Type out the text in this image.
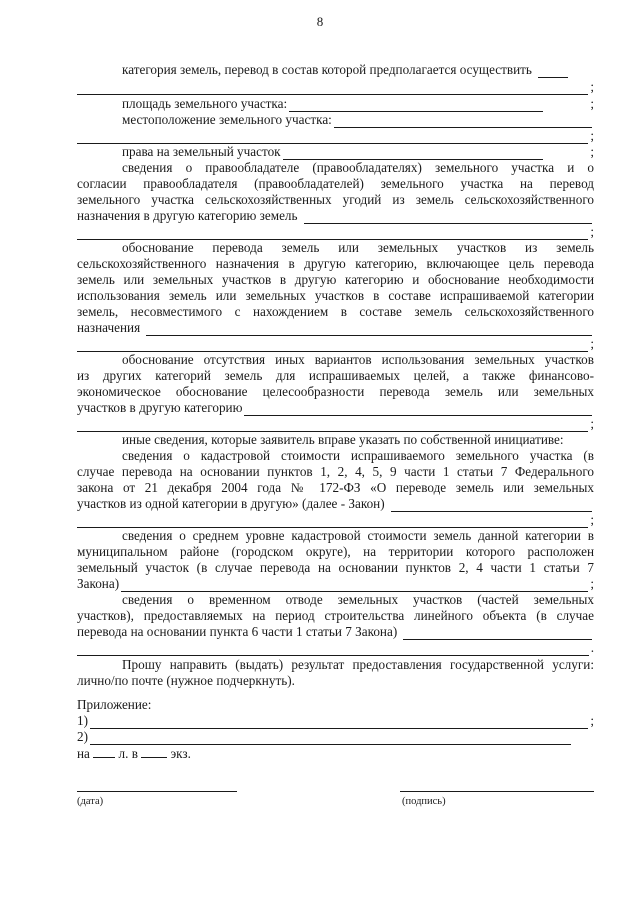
8
категория земель, перевод в состав которой предполагается осуществить
;
площадь земельного участка:	;
местоположение земельного участка:
;
права на земельный участок	;
сведения о правообладателе (правообладателях) земельного участка и о
согласии правообладателя (правообладателей) земельного участка на перевод
земельного участка сельскохозяйственных угодий из земель сельскохозяйственного
назначения в другую категорию земель
;
обоснование перевода земель или земельных участков из земель
сельскохозяйственного назначения в другую категорию, включающее цель перевода
земель или земельных участков в другую категорию и обоснование необходимости
использования земель или земельных участков в составе испрашиваемой категории
земель, несовместимого с нахождением в составе земель сельскохозяйственного
назначения
;
обоснование отсутствия иных вариантов использования земельных участков
из других категорий земель для испрашиваемых целей, а также финансово-
экономическое обоснование целесообразности перевода земель или земельных
участков в другую категорию
;
иные сведения, которые заявитель вправе указать по собственной инициативе:
сведения о кадастровой стоимости испрашиваемого земельного участка (в
случае перевода на основании пунктов 1, 2, 4, 5, 9 части 1 статьи 7 Федерального
закона от 21 декабря 2004 года № 172-ФЗ «О переводе земель или земельных
участков из одной категории в другую» (далее - Закон)
;
сведения о среднем уровне кадастровой стоимости земель данной категории в
муниципальном районе (городском округе), на территории которого расположен
земельный участок (в случае перевода на основании пунктов 2, 4 части 1 статьи 7
Закона)	;
сведения о временном отводе земельных участков (частей земельных
участков), предоставляемых на период строительства линейного объекта (в случае
перевода на основании пункта 6 части 1 статьи 7 Закона)
.
Прошу направить (выдать) результат предоставления государственной услуги:
лично/по почте (нужное подчеркнуть).
Приложение:
1)	;
2)
на л. в экз.
(дата)	(подпись)
